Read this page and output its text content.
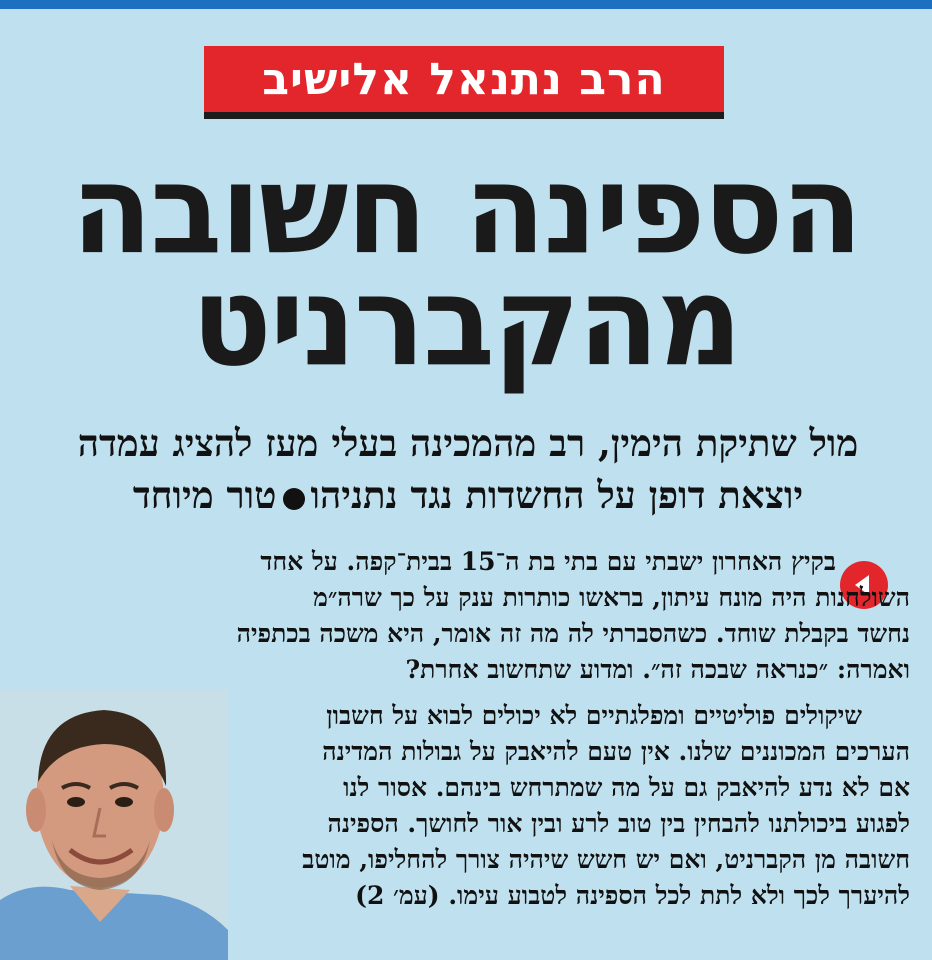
הרב נתנאל אלישיב
הספינה חשובה
מהקברניט
מול שתיקת הימין, רב מהמכינה בעלי מעז להציג עמדה
יוצאת דופן על החשדות נגד נתניהוטור מיוחד
בקיץ האחרון ישבתי עם בתי בת ה־15 בבית־קפה. על אחד
השולחנות היה מונח עיתון, בראשו כותרות ענק על כך שרה״מ
נחשד בקבלת שוחד. כשהסברתי לה מה זה אומר, היא משכה בכתפיה
ואמרה: ״כנראה שבכה זה״. ומדוע שתחשוב אחרת?
שיקולים פוליטיים ומפלגתיים לא יכולים לבוא על חשבון
הערכים המכוננים שלנו. אין טעם להיאבק על גבולות המדינה
אם לא נדע להיאבק גם על מה שמתרחש בינהם. אסור לנו
לפגוע ביכולתנו להבחין בין טוב לרע ובין אור לחושך. הספינה
חשובה מן הקברניט, ואם יש חשש שיהיה צורך להחליפו, מוטב
להיערך לכך ולא לתת לכל הספינה לטבוע עימו. (עמ׳ 2)
